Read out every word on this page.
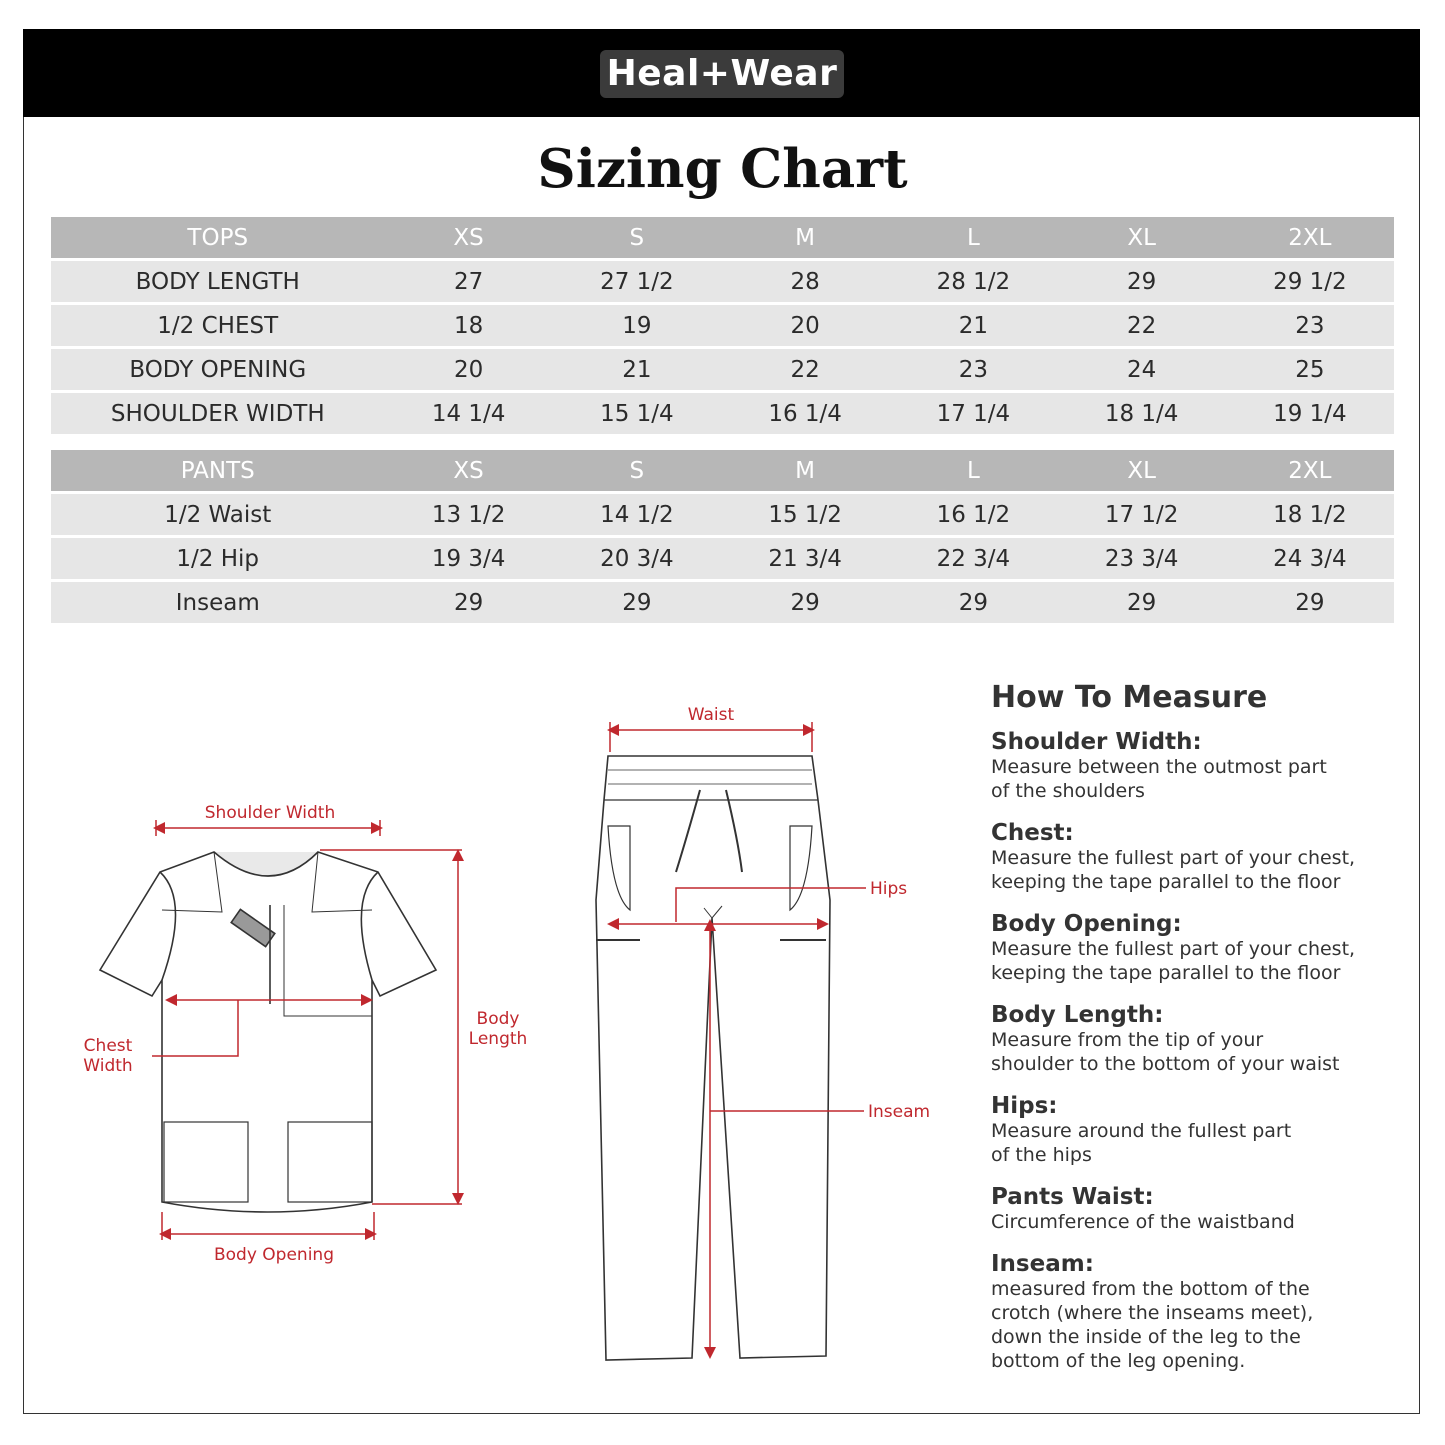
Heal+Wear
Sizing Chart
TOPS	XS	S	M	L	XL	2XL
BODY LENGTH	27	27 1/2	28	28 1/2	29	29 1/2
1/2 CHEST	18	19	20	21	22	23
BODY OPENING	20	21	22	23	24	25
SHOULDER WIDTH	14 1/4	15 1/4	16 1/4	17 1/4	18 1/4	19 1/4
PANTS	XS	S	M	L	XL	2XL
1/2 Waist	13 1/2	14 1/2	15 1/2	16 1/2	17 1/2	18 1/2
1/2 Hip	19 3/4	20 3/4	21 3/4	22 3/4	23 3/4	24 3/4
Inseam	29	29	29	29	29	29
Shoulder Width
Chest
Width
Body
Length
Body Opening
Waist
Hips
Inseam
How To Measure
Shoulder Width:
Measure between the outmost part
of the shoulders
Chest:
Measure the fullest part of your chest,
keeping the tape parallel to the floor
Body Opening:
Measure the fullest part of your chest,
keeping the tape parallel to the floor
Body Length:
Measure from the tip of your
shoulder to the bottom of your waist
Hips:
Measure around the fullest part
of the hips
Pants Waist:
Circumference of the waistband
Inseam:
measured from the bottom of the
crotch (where the inseams meet),
down the inside of the leg to the
bottom of the leg opening.
